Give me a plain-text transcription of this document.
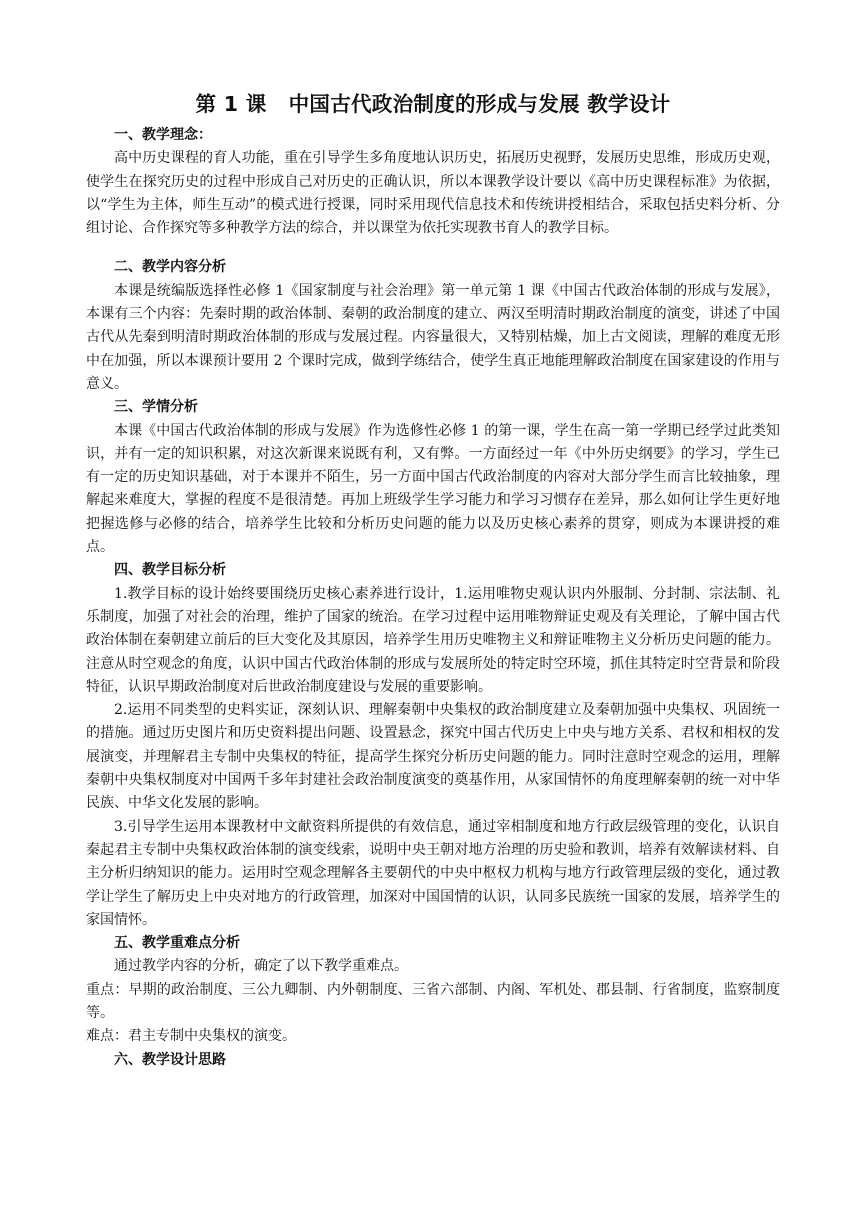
第 1 课 中国古代政治制度的形成与发展 教学设计
一、教学理念：

高中历史课程的育人功能，重在引导学生多角度地认识历史，拓展历史视野，发展历史思维，形成历史观，使学生在探究历史的过程中形成自己对历史的正确认识，所以本课教学设计要以《高中历史课程标准》为依据，以“学生为主体，师生互动”的模式进行授课，同时采用现代信息技术和传统讲授相结合，采取包括史料分析、分组讨论、合作探究等多种教学方法的综合，并以课堂为依托实现教书育人的教学目标。

二、教学内容分析

本课是统编版选择性必修 1《国家制度与社会治理》第一单元第 1 课《中国古代政治体制的形成与发展》，本课有三个内容：先秦时期的政治体制、秦朝的政治制度的建立、两汉至明清时期政治制度的演变，讲述了中国古代从先秦到明清时期政治体制的形成与发展过程。内容量很大，又特别枯燥，加上古文阅读，理解的难度无形中在加强，所以本课预计要用 2 个课时完成，做到学练结合，使学生真正地能理解政治制度在国家建设的作用与意义。

三、学情分析

本课《中国古代政治体制的形成与发展》作为选修性必修 1 的第一课，学生在高一第一学期已经学过此类知识，并有一定的知识积累，对这次新课来说既有利，又有弊。一方面经过一年《中外历史纲要》的学习，学生已有一定的历史知识基础，对于本课并不陌生，另一方面中国古代政治制度的内容对大部分学生而言比较抽象，理解起来难度大，掌握的程度不是很清楚。再加上班级学生学习能力和学习习惯存在差异，那么如何让学生更好地把握选修与必修的结合，培养学生比较和分析历史问题的能力以及历史核心素养的贯穿，则成为本课讲授的难点。

四、教学目标分析

1.教学目标的设计始终要围绕历史核心素养进行设计，1.运用唯物史观认识内外服制、分封制、宗法制、礼乐制度，加强了对社会的治理，维护了国家的统治。在学习过程中运用唯物辩证史观及有关理论，了解中国古代政治体制在秦朝建立前后的巨大变化及其原因，培养学生用历史唯物主义和辩证唯物主义分析历史问题的能力。注意从时空观念的角度，认识中国古代政治体制的形成与发展所处的特定时空环境，抓住其特定时空背景和阶段特征，认识早期政治制度对后世政治制度建设与发展的重要影响。

2.运用不同类型的史料实证，深刻认识、理解秦朝中央集权的政治制度建立及秦朝加强中央集权、巩固统一的措施。通过历史图片和历史资料提出问题、设置悬念，探究中国古代历史上中央与地方关系、君权和相权的发展演变，并理解君主专制中央集权的特征，提高学生探究分析历史问题的能力。同时注意时空观念的运用，理解秦朝中央集权制度对中国两千多年封建社会政治制度演变的奠基作用，从家国情怀的角度理解秦朝的统一对中华民族、中华文化发展的影响。

3.引导学生运用本课教材中文献资料所提供的有效信息，通过宰相制度和地方行政层级管理的变化，认识自秦起君主专制中央集权政治体制的演变线索，说明中央王朝对地方治理的历史验和教训，培养有效解读材料、自主分析归纳知识的能力。运用时空观念理解各主要朝代的中央中枢权力机构与地方行政管理层级的变化，通过教学让学生了解历史上中央对地方的行政管理，加深对中国国情的认识，认同多民族统一国家的发展，培养学生的家国情怀。

五、教学重难点分析

通过教学内容的分析，确定了以下教学重难点。

重点：早期的政治制度、三公九卿制、内外朝制度、三省六部制、内阁、军机处、郡县制、行省制度，监察制度等。

难点：君主专制中央集权的演变。

六、教学设计思路
